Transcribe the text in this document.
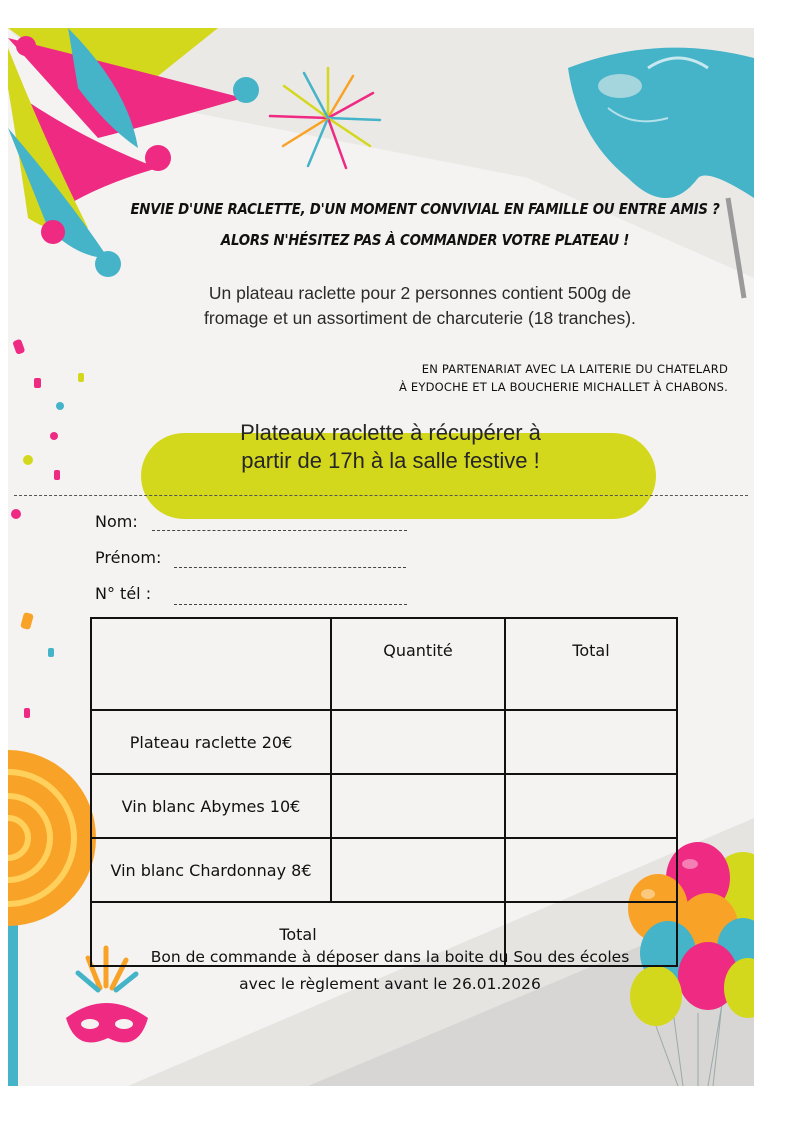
ENVIE D'UNE RACLETTE, D'UN MOMENT CONVIVIAL EN FAMILLE OU ENTRE AMIS ?
ALORS N'HÉSITEZ PAS À COMMANDER VOTRE PLATEAU !
Un plateau raclette pour 2 personnes contient 500g de
fromage et un assortiment de charcuterie (18 tranches).
EN PARTENARIAT AVEC LA LAITERIE DU CHATELARD
À EYDOCHE ET LA BOUCHERIE MICHALLET À CHABONS.
Plateaux raclette à récupérer à
partir de 17h à la salle festive !
Nom:
Prénom:
N° tél :
	Quantité	Total
Plateau raclette 20€		
Vin blanc Abymes 10€		
Vin blanc Chardonnay 8€		
Total		
Bon de commande à déposer dans la boite du Sou des écoles
avec le règlement avant le 26.01.2026
